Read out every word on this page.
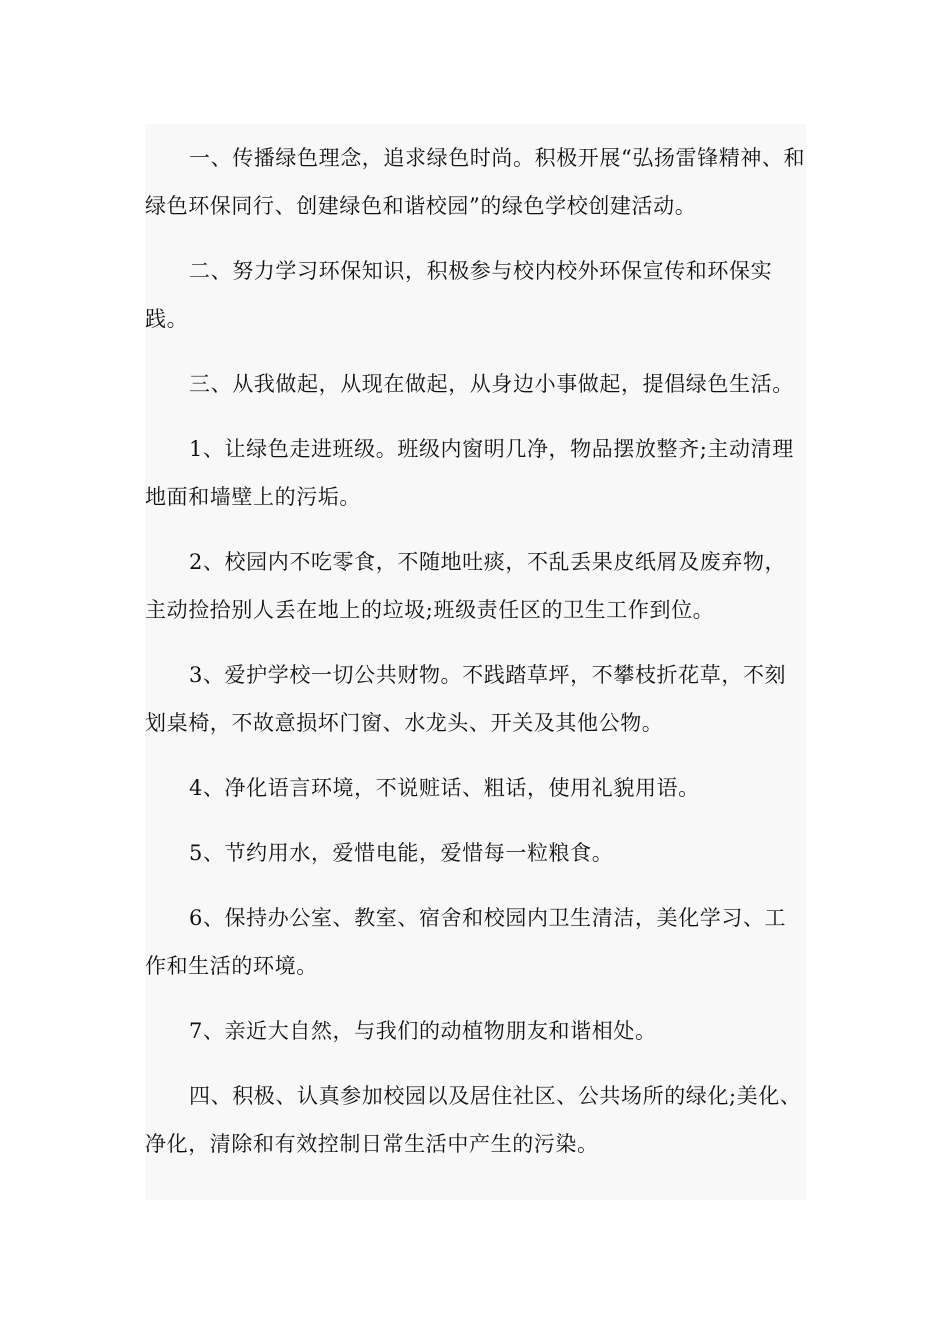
一、传播绿色理念，追求绿色时尚。积极开展“弘扬雷锋精神、和绿色环保同行、创建绿色和谐校园”的绿色学校创建活动。

二、努力学习环保知识，积极参与校内校外环保宣传和环保实践。

三、从我做起，从现在做起，从身边小事做起，提倡绿色生活。

1、让绿色走进班级。班级内窗明几净，物品摆放整齐;主动清理地面和墙壁上的污垢。

2、校园内不吃零食，不随地吐痰，不乱丢果皮纸屑及废弃物，主动捡拾别人丢在地上的垃圾;班级责任区的卫生工作到位。

3、爱护学校一切公共财物。不践踏草坪，不攀枝折花草，不刻划桌椅，不故意损坏门窗、水龙头、开关及其他公物。

4、净化语言环境，不说赃话、粗话，使用礼貌用语。

5、节约用水，爱惜电能，爱惜每一粒粮食。

6、保持办公室、教室、宿舍和校园内卫生清洁，美化学习、工作和生活的环境。

7、亲近大自然，与我们的动植物朋友和谐相处。

四、积极、认真参加校园以及居住社区、公共场所的绿化;美化、净化，清除和有效控制日常生活中产生的污染。
